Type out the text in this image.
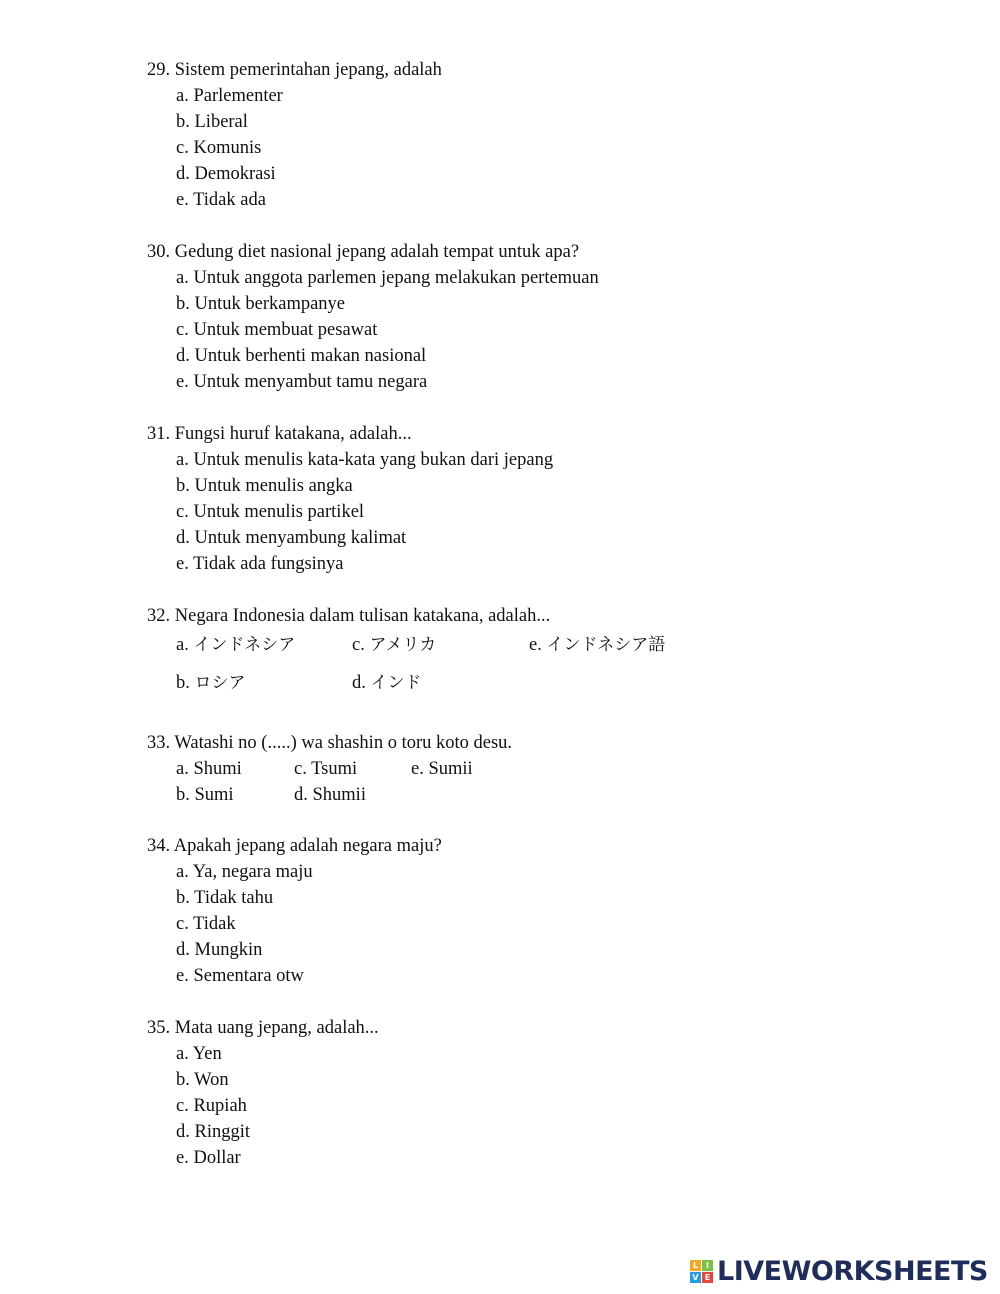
29. Sistem pemerintahan jepang, adalah
a. Parlementer
b. Liberal
c. Komunis
d. Demokrasi
e. Tidak ada
30. Gedung diet nasional jepang adalah tempat untuk apa?
a. Untuk anggota parlemen jepang melakukan pertemuan
b. Untuk berkampanye
c. Untuk membuat pesawat
d. Untuk berhenti makan nasional
e. Untuk menyambut tamu negara
31. Fungsi huruf katakana, adalah...
a. Untuk menulis kata-kata yang bukan dari jepang
b. Untuk menulis angka
c. Untuk menulis partikel
d. Untuk menyambung kalimat
e. Tidak ada fungsinya
32. Negara Indonesia dalam tulisan katakana, adalah...
a. インドネシア	c. アメリカ	e. インドネシア語
b. ロシア	d. インド
33. Watashi no (.....) wa shashin o toru koto desu.
a. Shumi	c. Tsumi	e. Sumii
b. Sumi	d. Shumii
34. Apakah jepang adalah negara maju?
a. Ya, negara maju
b. Tidak tahu
c. Tidak
d. Mungkin
e. Sementara otw
35. Mata uang jepang, adalah...
a. Yen
b. Won
c. Rupiah
d. Ringgit
e. Dollar
L I
V E LIVEWORKSHEETS
